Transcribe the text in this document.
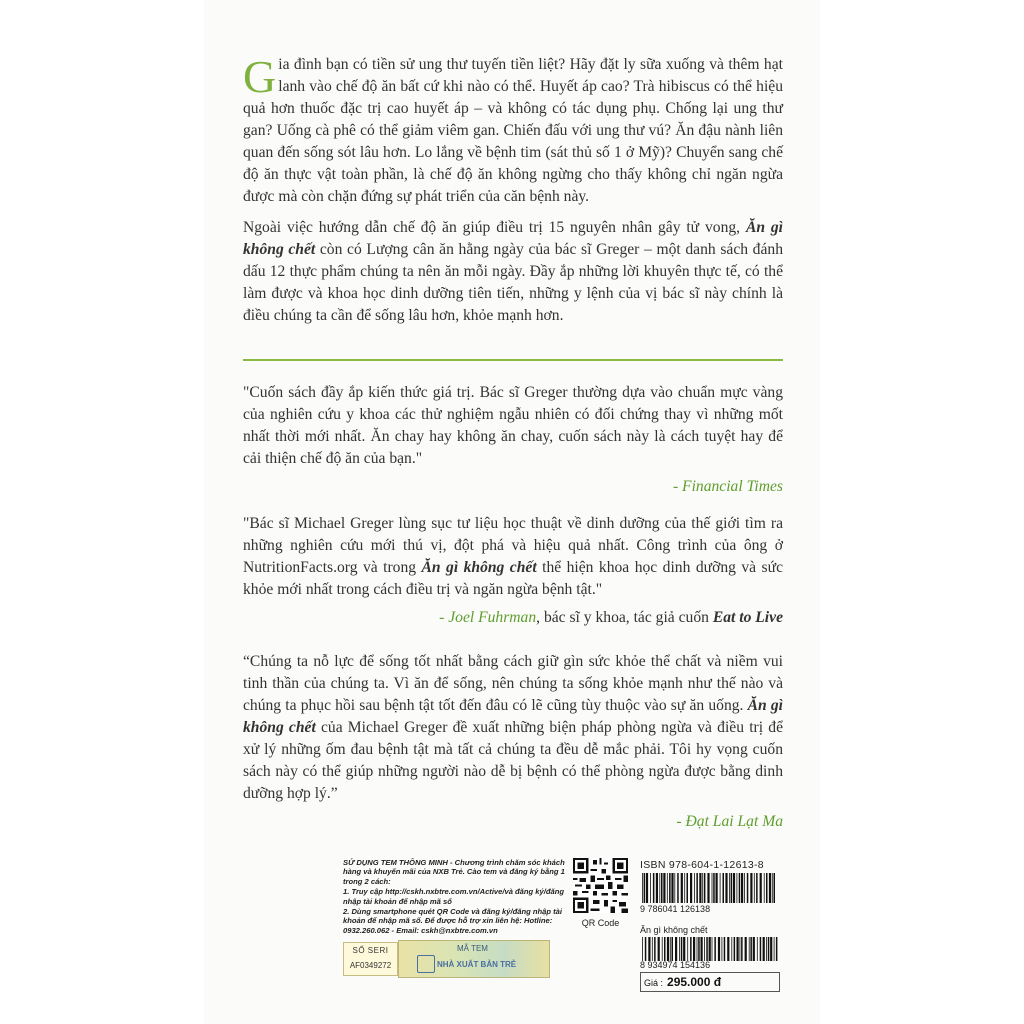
Gia đình bạn có tiền sử ung thư tuyến tiền liệt? Hãy đặt ly sữa xuống và thêm hạt lanh vào chế độ ăn bất cứ khi nào có thể. Huyết áp cao? Trà hibiscus có thể hiệu quả hơn thuốc đặc trị cao huyết áp – và không có tác dụng phụ. Chống lại ung thư gan? Uống cà phê có thể giảm viêm gan. Chiến đấu với ung thư vú? Ăn đậu nành liên quan đến sống sót lâu hơn. Lo lắng về bệnh tim (sát thủ số 1 ở Mỹ)? Chuyển sang chế độ ăn thực vật toàn phần, là chế độ ăn không ngừng cho thấy không chỉ ngăn ngừa được mà còn chặn đứng sự phát triển của căn bệnh này.

Ngoài việc hướng dẫn chế độ ăn giúp điều trị 15 nguyên nhân gây tử vong, Ăn gì không chết còn có Lượng cân ăn hằng ngày của bác sĩ Greger – một danh sách đánh dấu 12 thực phẩm chúng ta nên ăn mỗi ngày. Đầy ắp những lời khuyên thực tế, có thể làm được và khoa học dinh dưỡng tiên tiến, những y lệnh của vị bác sĩ này chính là điều chúng ta cần để sống lâu hơn, khỏe mạnh hơn.

"Cuốn sách đầy ắp kiến thức giá trị. Bác sĩ Greger thường dựa vào chuẩn mực vàng của nghiên cứu y khoa các thử nghiệm ngẫu nhiên có đối chứng thay vì những mốt nhất thời mới nhất. Ăn chay hay không ăn chay, cuốn sách này là cách tuyệt hay để cải thiện chế độ ăn của bạn."

- Financial Times

"Bác sĩ Michael Greger lùng sục tư liệu học thuật về dinh dưỡng của thế giới tìm ra những nghiên cứu mới thú vị, đột phá và hiệu quả nhất. Công trình của ông ở NutritionFacts.org và trong Ăn gì không chết thể hiện khoa học dinh dưỡng và sức khỏe mới nhất trong cách điều trị và ngăn ngừa bệnh tật."

- Joel Fuhrman, bác sĩ y khoa, tác giả cuốn Eat to Live

“Chúng ta nỗ lực để sống tốt nhất bằng cách giữ gìn sức khỏe thể chất và niềm vui tinh thần của chúng ta. Vì ăn để sống, nên chúng ta sống khỏe mạnh như thế nào và chúng ta phục hồi sau bệnh tật tốt đến đâu có lẽ cũng tùy thuộc vào sự ăn uống. Ăn gì không chết của Michael Greger đề xuất những biện pháp phòng ngừa và điều trị để xử lý những ốm đau bệnh tật mà tất cả chúng ta đều dễ mắc phải. Tôi hy vọng cuốn sách này có thể giúp những người nào dễ bị bệnh có thể phòng ngừa được bằng dinh dưỡng hợp lý.”

- Đạt Lai Lạt Ma

SỬ DỤNG TEM THÔNG MINH - Chương trình chăm sóc khách hàng và khuyến mãi của NXB Trẻ. Cào tem và đăng ký bằng 1 trong 2 cách:

1. Truy cập http://cskh.nxbtre.com.vn/Active/và đăng ký/đăng nhập tài khoản để nhập mã số

2. Dùng smartphone quét QR Code và đăng ký/đăng nhập tài khoản để nhập mã số. Để được hỗ trợ xin liên hệ: Hotline: 0932.260.062 - Email: cskh@nxbtre.com.vn

SỐ SERI
AF0349272
MÃ TEM
NHÀ XUẤT BẢN TRẺ
QR Code
ISBN 978-604-1-12613-8
9 786041 126138
Ăn gì không chết
8 934974 154136
Giá : 295.000 đ
